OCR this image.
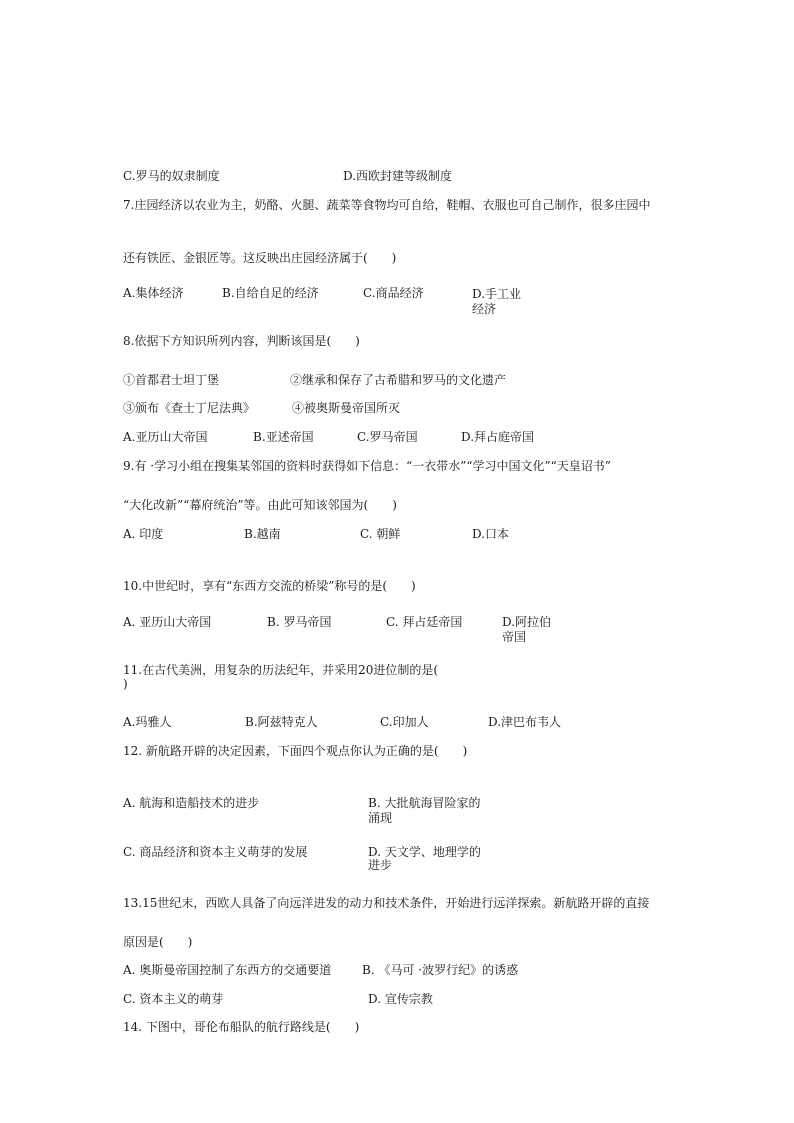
C.罗马的奴隶制度	D.西欧封建等级制度
7.庄园经济以农业为主，奶酪、火腿、蔬菜等食物均可自给，鞋帽、衣服也可自己制作，很多庄园中
还有铁匠、金银匠等。这反映出庄园经济属于(　　)
A.集体经济	B.自给自足的经济	C.商品经济	D.手工业
经济
8.依据下方知识所列内容，判断该国是(　　)
①首都君士坦丁堡	②继承和保存了古希腊和罗马的文化遗产
③颁布《查士丁尼法典》	④被奥斯曼帝国所灭
A.亚历山大帝国	B.亚述帝国	C.罗马帝国	D.拜占庭帝国
9.有 ·学习小组在搜集某邻国的资料时获得如下信息：“一衣带水”“学习中国文化”“天皇诏书”
“大化改新”“幕府统治”等。由此可知该邻国为(　　)
A. 印度	B.越南	C. 朝鲜	D.口本
10.中世纪时，享有“东西方交流的桥梁”称号的是(　　)
A. 亚历山大帝国	B. 罗马帝国	C. 拜占廷帝国	D.阿拉伯
帝国
11.在古代美洲，用复杂的历法纪年，并采用20进位制的是(
)
A.玛雅人	B.阿兹特克人	C.印加人	D.津巴布韦人
12. 新航路开辟的决定因素，下面四个观点你认为正确的是(　　)
A. 航海和造船技术的进步	B. 大批航海冒险家的
涌现
C. 商品经济和资本主义萌芽的发展	D. 天文学、地理学的
进步
13.15世纪末，西欧人具备了向远洋进发的动力和技术条件，开始进行远洋探索。新航路开辟的直接
原因是(　　)
A. 奥斯曼帝国控制了东西方的交通要道	B. 《马可 ·波罗行纪》的诱惑
C. 资本主义的萌芽	D. 宣传宗教
14. 下图中，哥伦布船队的航行路线是(　　)
